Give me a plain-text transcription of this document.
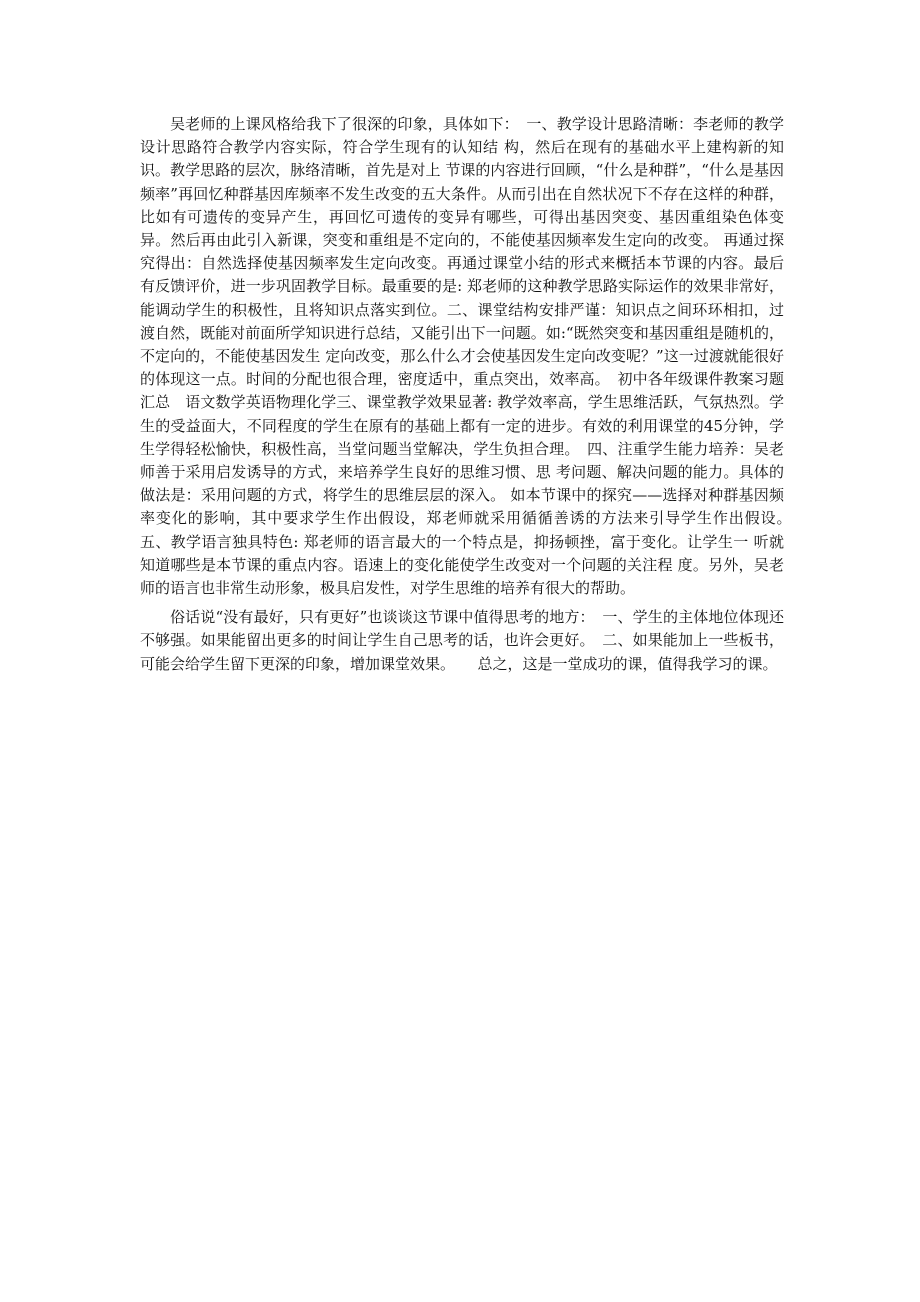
吴老师的上课风格给我下了很深的印象，具体如下：　一、教学设计思路清晰：李老师的教学设计思路符合教学内容实际，符合学生现有的认知结 构，然后在现有的基础水平上建构新的知识。教学思路的层次，脉络清晰，首先是对上 节课的内容进行回顾，“什么是种群”，“什么是基因频率”再回忆种群基因库频率不发生改变的五大条件。从而引出在自然状况下不存在这样的种群，比如有可遗传的变异产生，再回忆可遗传的变异有哪些，可得出基因突变、基因重组染色体变异。然后再由此引入新课，突变和重组是不定向的，不能使基因频率发生定向的改变。 再通过探究得出：自然选择使基因频率发生定向改变。再通过课堂小结的形式来概括本节课的内容。最后有反馈评价，进一步巩固教学目标。最重要的是: 郑老师的这种教学思路实际运作的效果非常好，能调动学生的积极性，且将知识点落实到位。二、课堂结构安排严谨：知识点之间环环相扣，过渡自然，既能对前面所学知识进行总结，又能引出下一问题。如:“既然突变和基因重组是随机的，不定向的，不能使基因发生 定向改变，那么什么才会使基因发生定向改变呢？”这一过渡就能很好的体现这一点。时间的分配也很合理，密度适中，重点突出，效率高。　初中各年级课件教案习题汇总　语文数学英语物理化学三、课堂教学效果显著: 教学效率高，学生思维活跃，气氛热烈。学生的受益面大，不同程度的学生在原有的基础上都有一定的进步。有效的利用课堂的45分钟，学生学得轻松愉快，积极性高，当堂问题当堂解决，学生负担合理。　四、注重学生能力培养：吴老师善于采用启发诱导的方式，来培养学生良好的思维习惯、思 考问题、解决问题的能力。具体的做法是：采用问题的方式，将学生的思维层层的深入。 如本节课中的探究——选择对种群基因频率变化的影响，其中要求学生作出假设，郑老师就采用循循善诱的方法来引导学生作出假设。　五、教学语言独具特色: 郑老师的语言最大的一个特点是，抑扬顿挫，富于变化。让学生一 听就知道哪些是本节课的重点内容。语速上的变化能使学生改变对一个问题的关注程 度。另外，吴老师的语言也非常生动形象，极具启发性，对学生思维的培养有很大的帮助。

俗话说“没有最好，只有更好”也谈谈这节课中值得思考的地方：　一、学生的主体地位体现还不够强。如果能留出更多的时间让学生自己思考的话，也许会更好。　二、如果能加上一些板书，可能会给学生留下更深的印象，增加课堂效果。　　总之，这是一堂成功的课，值得我学习的课。
